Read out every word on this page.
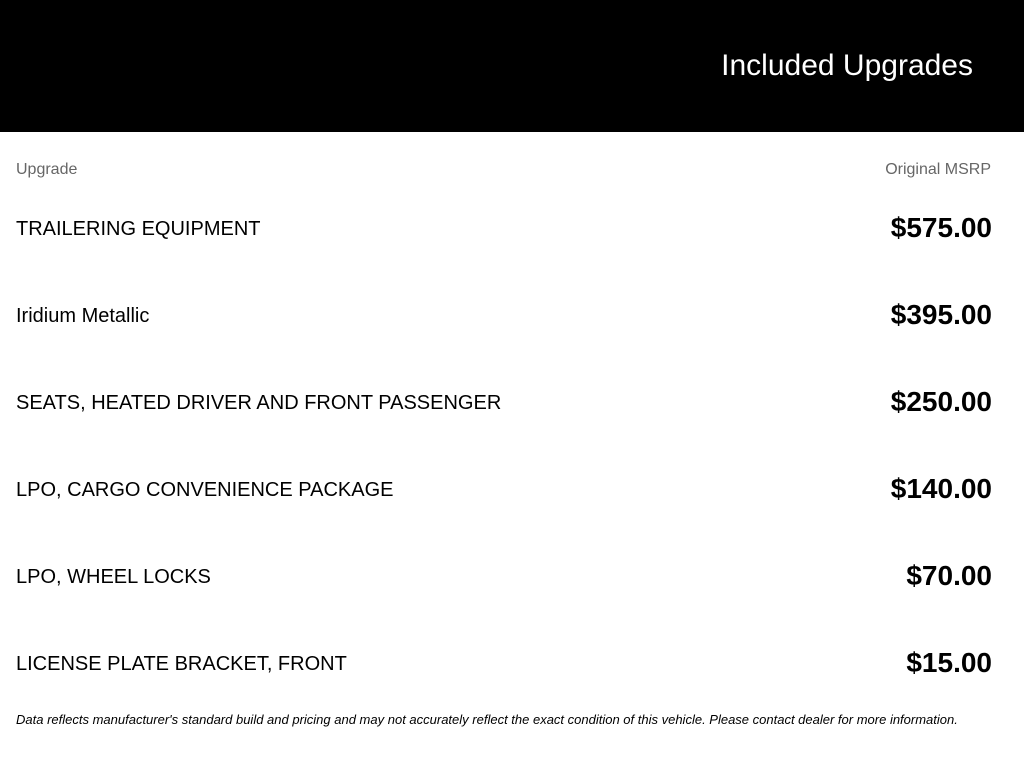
Included Upgrades
Upgrade	Original MSRP
TRAILERING EQUIPMENT	$575.00
Iridium Metallic	$395.00
SEATS, HEATED DRIVER AND FRONT PASSENGER	$250.00
LPO, CARGO CONVENIENCE PACKAGE	$140.00
LPO, WHEEL LOCKS	$70.00
LICENSE PLATE BRACKET, FRONT	$15.00
Data reflects manufacturer's standard build and pricing and may not accurately reflect the exact condition of this vehicle. Please contact dealer for more information.
